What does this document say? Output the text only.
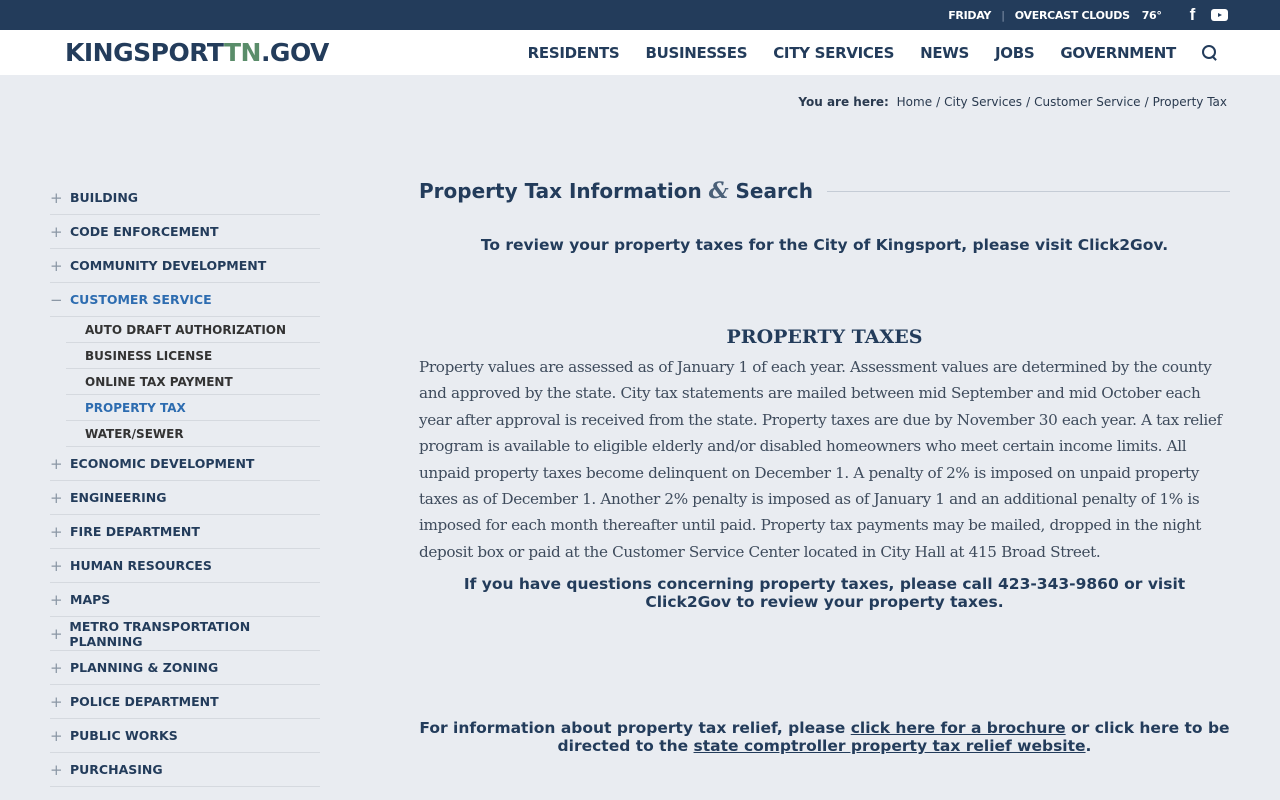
FRIDAY | OVERCAST CLOUDS 76° f
KINGSPORTTN.GOV	RESIDENTS BUSINESSES CITY SERVICES NEWS JOBS GOVERNMENT
You are here: Home / City Services / Customer Service / Property Tax
+ BUILDING
+ CODE ENFORCEMENT
+ COMMUNITY DEVELOPMENT
− CUSTOMER SERVICE
AUTO DRAFT AUTHORIZATION
BUSINESS LICENSE
ONLINE TAX PAYMENT
PROPERTY TAX
WATER/SEWER
+ ECONOMIC DEVELOPMENT
+ ENGINEERING
+ FIRE DEPARTMENT
+ HUMAN RESOURCES
+ MAPS
+ METRO TRANSPORTATION PLANNING
+ PLANNING & ZONING
+ POLICE DEPARTMENT
+ PUBLIC WORKS
+ PURCHASING
Property Tax Information & Search

To review your property taxes for the City of Kingsport, please visit Click2Gov.

PROPERTY TAXES

Property values are assessed as of January 1 of each year. Assessment values are determined by the county and approved by the state. City tax statements are mailed between mid September and mid October each year after approval is received from the state. Property taxes are due by November 30 each year. A tax relief program is available to eligible elderly and/or disabled homeowners who meet certain income limits. All unpaid property taxes become delinquent on December 1. A penalty of 2% is imposed on unpaid property taxes as of December 1. Another 2% penalty is imposed as of January 1 and an additional penalty of 1% is imposed for each month thereafter until paid. Property tax payments may be mailed, dropped in the night deposit box or paid at the Customer Service Center located in City Hall at 415 Broad Street.

If you have questions concerning property taxes, please call 423-343-9860 or visit Click2Gov to review your property taxes.

For information about property tax relief, please click here for a brochure or click here to be directed to the state comptroller property tax relief website.
